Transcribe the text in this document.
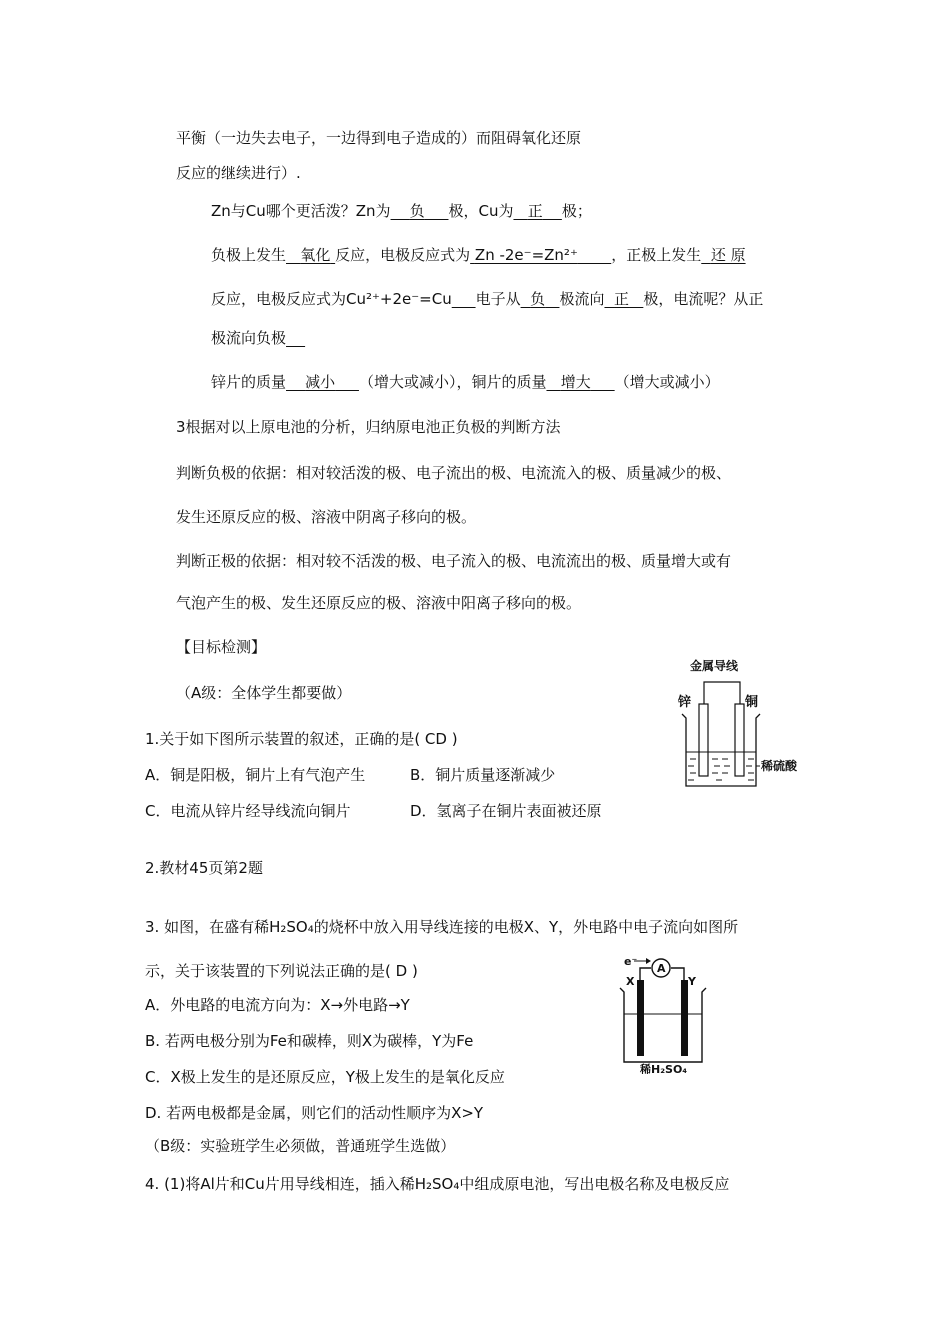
平衡（一边失去电子，一边得到电子造成的）而阻碍氧化还原
反应的继续进行）.
Zn与Cu哪个更活泼？Zn为 负 极，Cu为 正 极；
负极上发生 氧化 反应，电极反应式为 Zn -2e⁻=Zn²⁺ ，正极上发生 还 原
反应，电极反应式为Cu²⁺+2e⁻=Cu 电子从 负 极流向 正 极，电流呢？从正
极流向负极
锌片的质量 减小 （增大或减小），铜片的质量 增大 （增大或减小）
3根据对以上原电池的分析，归纳原电池正负极的判断方法
判断负极的依据：相对较活泼的极、电子流出的极、电流流入的极、质量减少的极、
发生还原反应的极、溶液中阴离子移向的极。
判断正极的依据：相对较不活泼的极、电子流入的极、电流流出的极、质量增大或有
气泡产生的极、发生还原反应的极、溶液中阳离子移向的极。
【目标检测】
（A级：全体学生都要做）
金属导线
锌	铜
稀硫酸
1.关于如下图所示装置的叙述，正确的是( CD )
A．铜是阳极，铜片上有气泡产生	B．铜片质量逐渐减少
C．电流从锌片经导线流向铜片	D．氢离子在铜片表面被还原
2.教材45页第2题
3. 如图，在盛有稀H₂SO₄的烧杯中放入用导线连接的电极X、Y，外电路中电子流向如图所
示，关于该装置的下列说法正确的是( D )
A．外电路的电流方向为：X→外电路→Y
B. 若两电极分别为Fe和碳棒，则X为碳棒，Y为Fe
C．X极上发生的是还原反应，Y极上发生的是氧化反应
D. 若两电极都是金属，则它们的活动性顺序为X>Y
e⁻
A
X	Y
稀H₂SO₄
（B级：实验班学生必须做，普通班学生选做）
4. (1)将Al片和Cu片用导线相连，插入稀H₂SO₄中组成原电池，写出电极名称及电极反应
